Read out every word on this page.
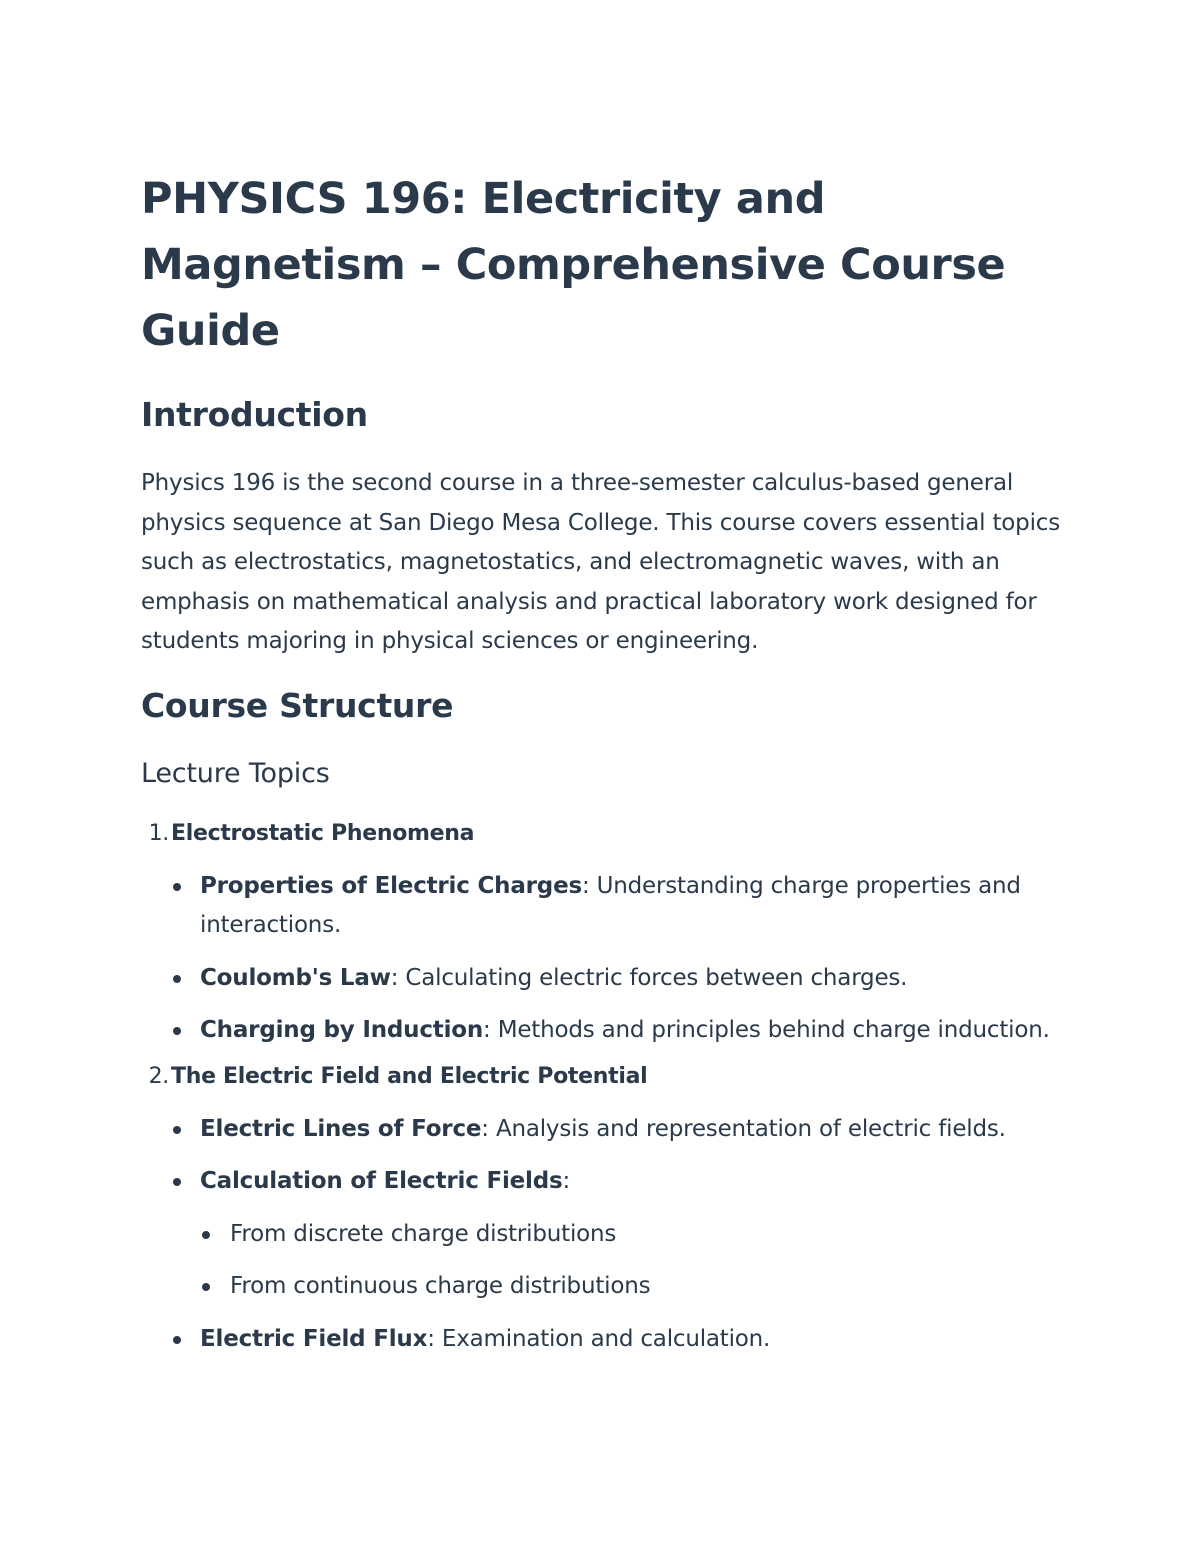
PHYSICS 196: Electricity and Magnetism – Comprehensive Course Guide
Introduction

Physics 196 is the second course in a three-semester calculus-based general physics sequence at San Diego Mesa College. This course covers essential topics such as electrostatics, magnetostatics, and electromagnetic waves, with an emphasis on mathematical analysis and practical laboratory work designed for students majoring in physical sciences or engineering.

Course Structure
Lecture Topics

1.Electrostatic Phenomena

Properties of Electric Charges: Understanding charge properties and interactions.
Coulomb's Law: Calculating electric forces between charges.
Charging by Induction: Methods and principles behind charge induction.

2.The Electric Field and Electric Potential

Electric Lines of Force: Analysis and representation of electric fields.
Calculation of Electric Fields:
From discrete charge distributions
From continuous charge distributions
Electric Field Flux: Examination and calculation.
